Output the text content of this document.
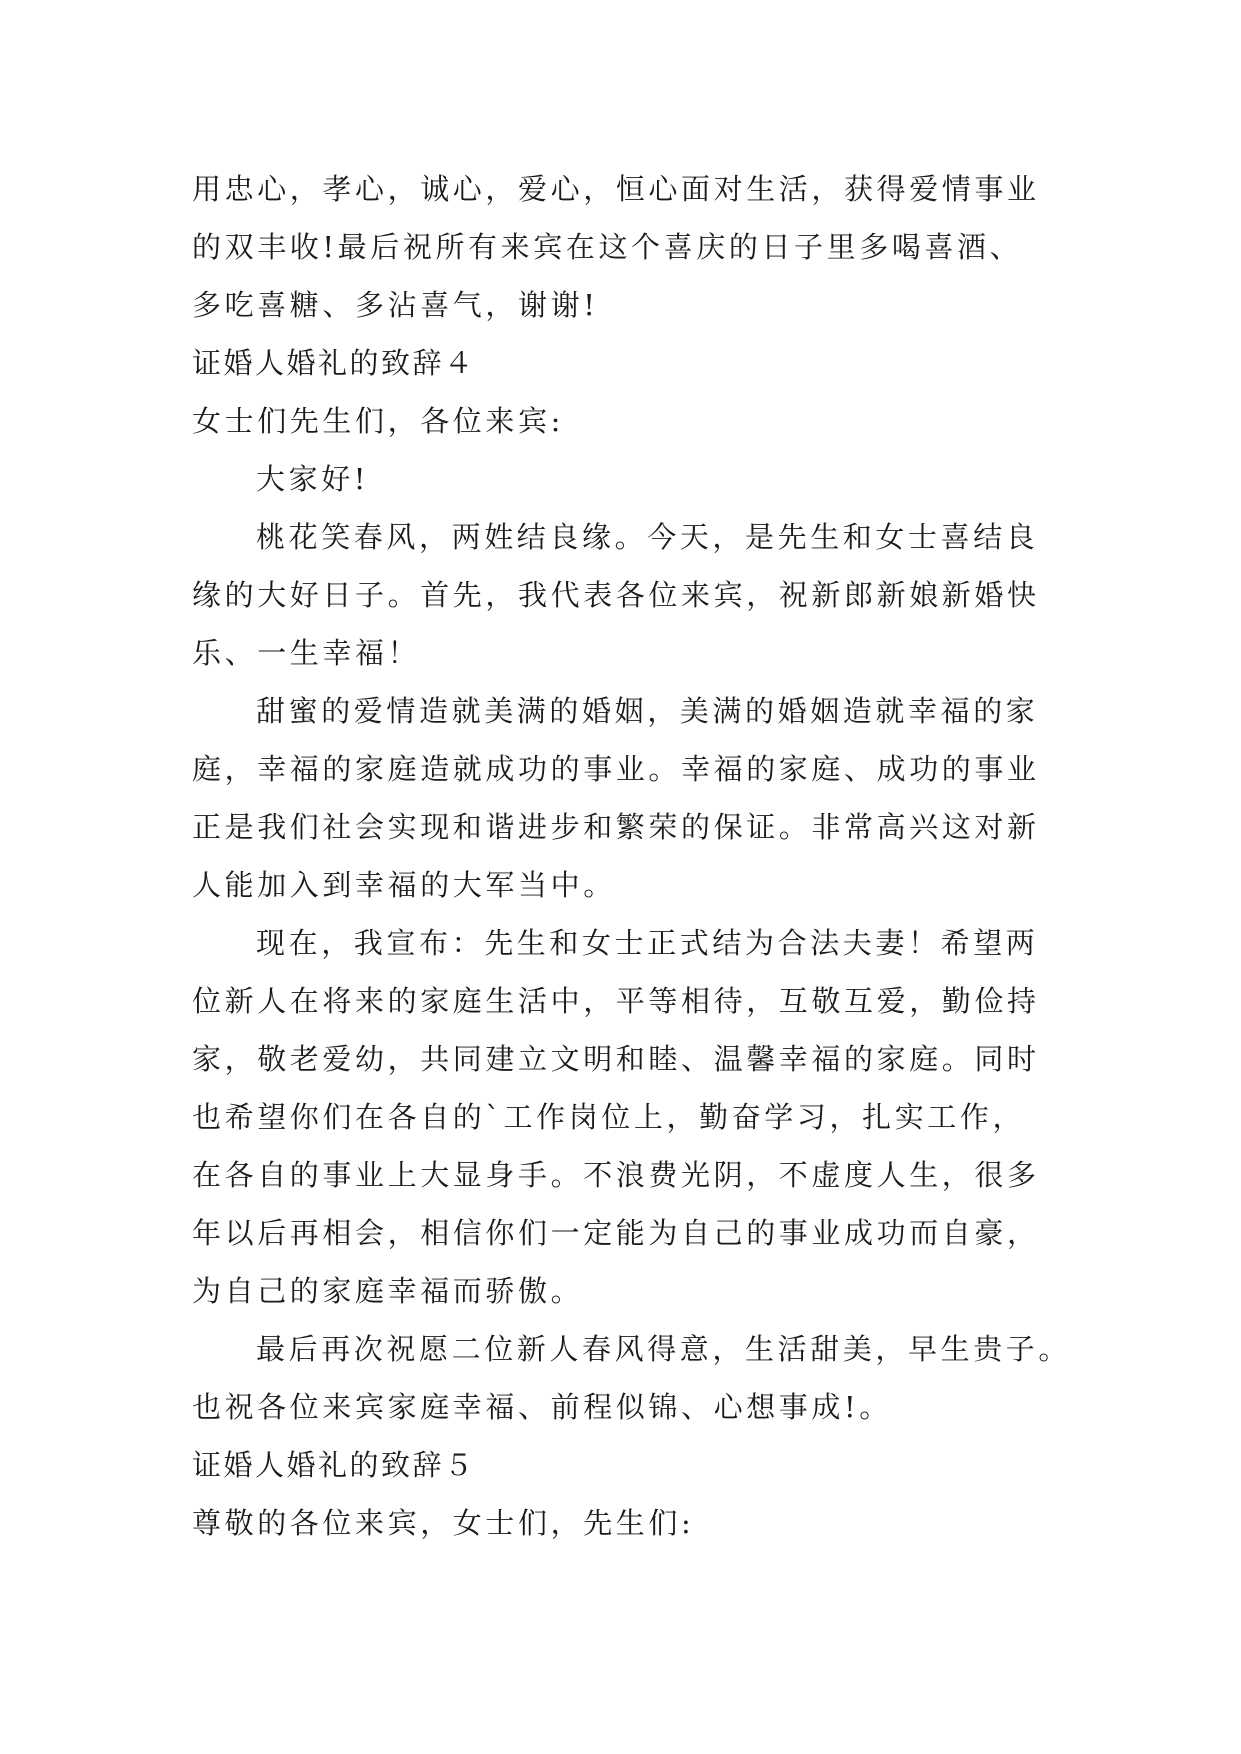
用忠心，孝心，诚心，爱心，恒心面对生活，获得爱情事业
的双丰收!最后祝所有来宾在这个喜庆的日子里多喝喜酒、
多吃喜糖、多沾喜气，谢谢!
证婚人婚礼的致辞４
女士们先生们，各位来宾:
大家好!
桃花笑春风，两姓结良缘。今天，是先生和女士喜结良
缘的大好日子。首先，我代表各位来宾，祝新郎新娘新婚快
乐、一生幸福！
甜蜜的爱情造就美满的婚姻，美满的婚姻造就幸福的家
庭，幸福的家庭造就成功的事业。幸福的家庭、成功的事业
正是我们社会实现和谐进步和繁荣的保证。非常高兴这对新
人能加入到幸福的大军当中。
现在，我宣布：先生和女士正式结为合法夫妻！希望两
位新人在将来的家庭生活中，平等相待，互敬互爱，勤俭持
家，敬老爱幼，共同建立文明和睦、温馨幸福的家庭。同时
也希望你们在各自的`工作岗位上，勤奋学习，扎实工作，
在各自的事业上大显身手。不浪费光阴，不虚度人生，很多
年以后再相会，相信你们一定能为自己的事业成功而自豪，
为自己的家庭幸福而骄傲。
最后再次祝愿二位新人春风得意，生活甜美，早生贵子。
也祝各位来宾家庭幸福、前程似锦、心想事成!。
证婚人婚礼的致辞５
尊敬的各位来宾，女士们，先生们:
